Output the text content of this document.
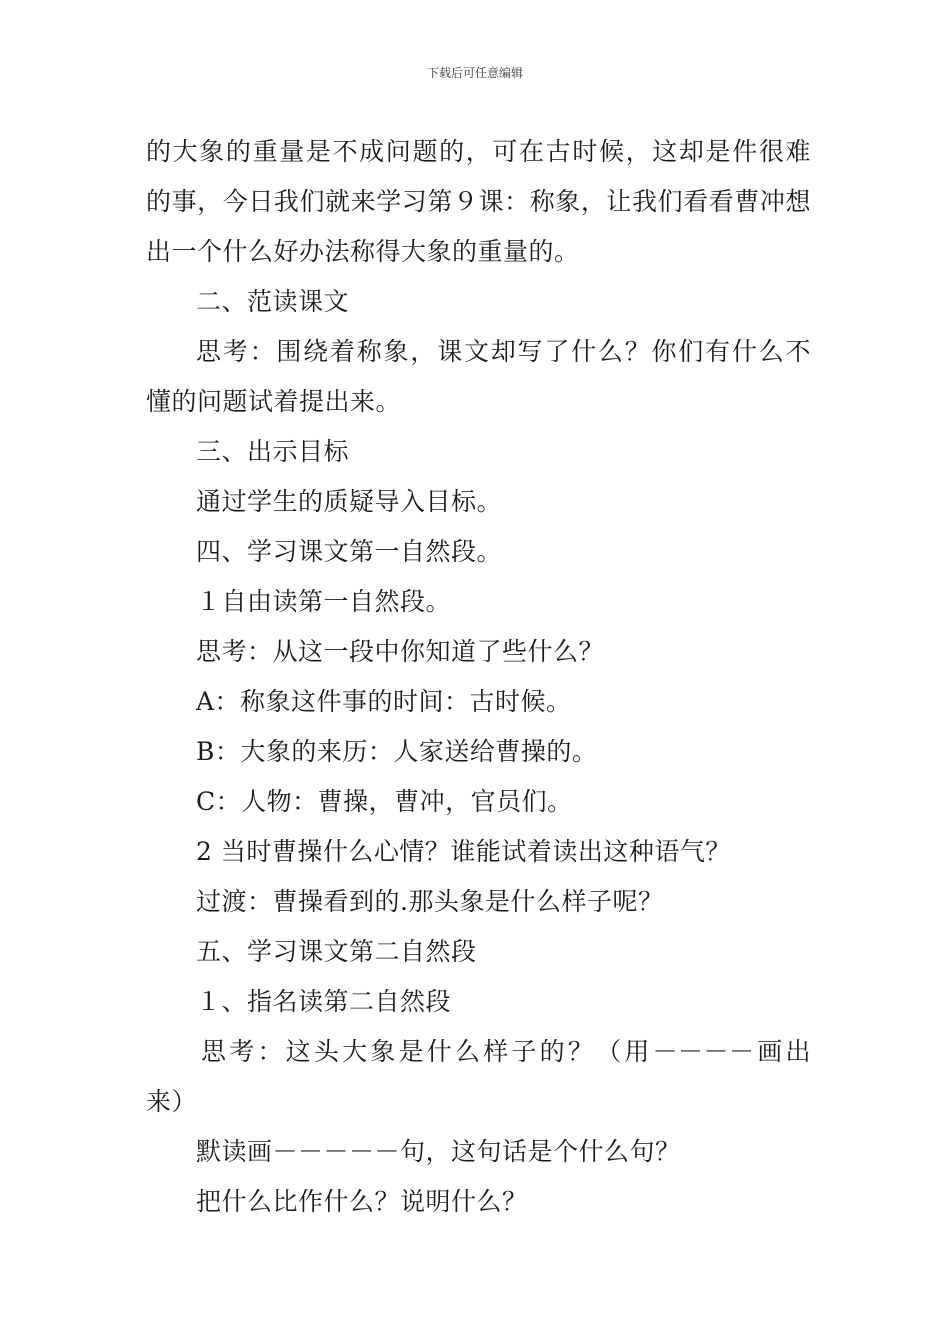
下载后可任意编辑
的大象的重量是不成问题的，可在古时候，这却是件很难
的事，今日我们就来学习第９课：称象，让我们看看曹冲想
出一个什么好办法称得大象的重量的。
二、范读课文
思考：围绕着称象，课文却写了什么？你们有什么不
懂的问题试着提出来。
三、出示目标
通过学生的质疑导入目标。
四、学习课文第一自然段。
１自由读第一自然段。
思考：从这一段中你知道了些什么？
A：称象这件事的时间：古时候。
B：大象的来历：人家送给曹操的。
C：人物：曹操，曹冲，官员们。
2 当时曹操什么心情？谁能试着读出这种语气？
过渡：曹操看到的.那头象是什么样子呢？
五、学习课文第二自然段
１、指名读第二自然段
思考：这头大象是什么样子的？（用－－－－画出
来）
默读画－－－－－句，这句话是个什么句？
把什么比作什么？说明什么？
